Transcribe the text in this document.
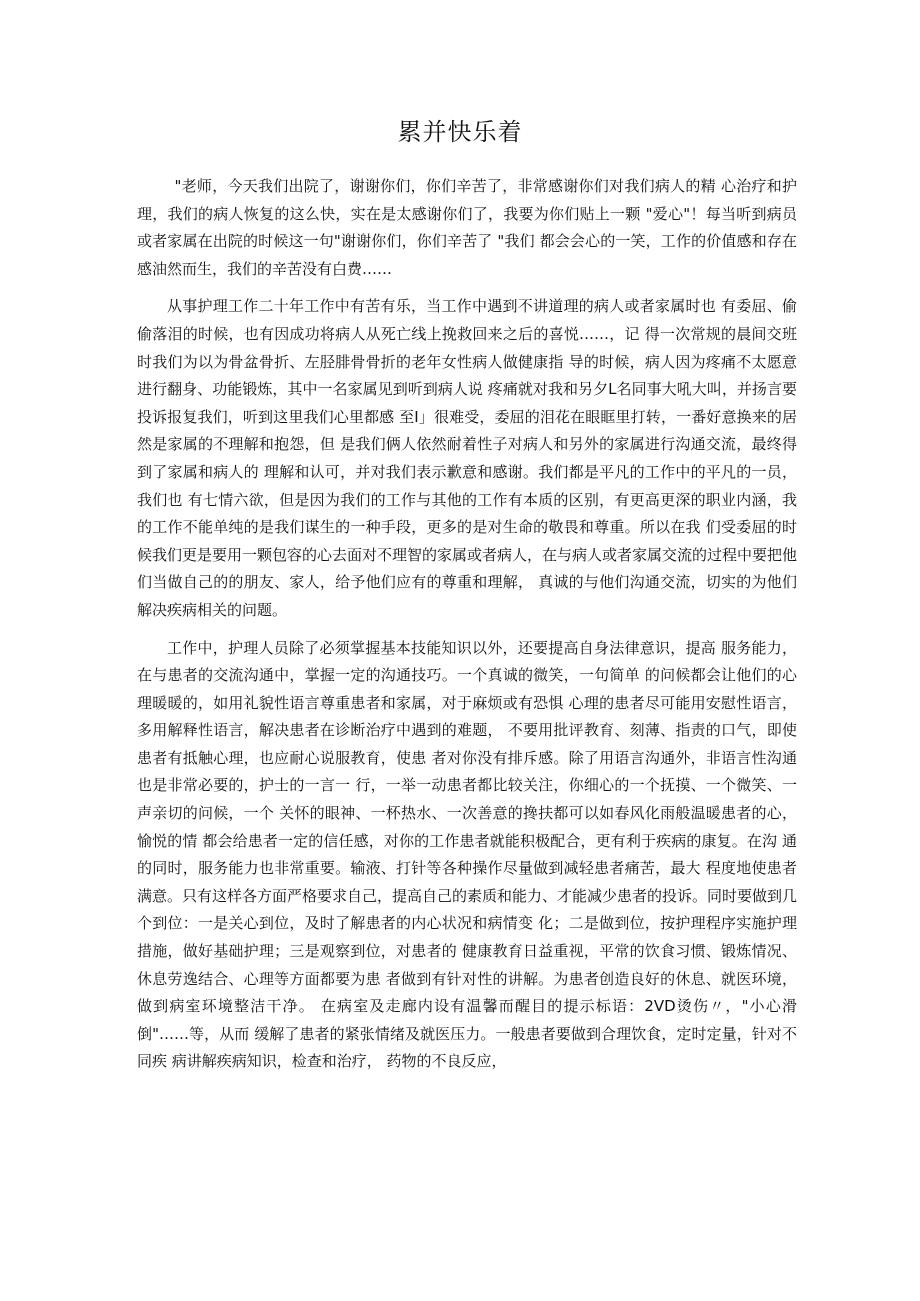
累并快乐着

"老师，今天我们出院了，谢谢你们，你们辛苦了，非常感谢你们对我们病人的精 心治疗和护理，我们的病人恢复的这么快，实在是太感谢你们了，我要为你们贴上一颗 "爱心"！每当听到病员或者家属在出院的时候这一句"谢谢你们，你们辛苦了 "我们 都会会心的一笑，工作的价值感和存在感油然而生，我们的辛苦没有白费……

从事护理工作二十年工作中有苦有乐，当工作中遇到不讲道理的病人或者家属时也 有委屈、偷偷落泪的时候，也有因成功将病人从死亡线上挽救回来之后的喜悦……，记 得一次常规的晨间交班时我们为以为骨盆骨折、左胫腓骨骨折的老年女性病人做健康指 导的时候，病人因为疼痛不太愿意进行翻身、功能锻炼，其中一名家属见到听到病人说 疼痛就对我和另夕L名同事大吼大叫，并扬言要投诉报复我们，听到这里我们心里都感 至I」很难受，委屈的泪花在眼眶里打转，一番好意换来的居然是家属的不理解和抱怨，但 是我们俩人依然耐着性子对病人和另外的家属进行沟通交流，最终得到了家属和病人的 理解和认可，并对我们表示歉意和感谢。我们都是平凡的工作中的平凡的一员，我们也 有七情六欲，但是因为我们的工作与其他的工作有本质的区别，有更高更深的职业内涵，我的工作不能单纯的是我们谋生的一种手段，更多的是对生命的敬畏和尊重。所以在我 们受委屈的时候我们更是要用一颗包容的心去面对不理智的家属或者病人，在与病人或者家属交流的过程中要把他们当做自己的的朋友、家人，给予他们应有的尊重和理解， 真诚的与他们沟通交流，切实的为他们解决疾病相关的问题。

工作中，护理人员除了必须掌握基本技能知识以外，还要提高自身法律意识，提高 服务能力，在与患者的交流沟通中，掌握一定的沟通技巧。一个真诚的微笑，一句简单 的问候都会让他们的心理暖暖的，如用礼貌性语言尊重患者和家属，对于麻烦或有恐惧 心理的患者尽可能用安慰性语言，多用解释性语言，解决患者在诊断治疗中遇到的难题， 不要用批评教育、刻薄、指责的口气，即使患者有抵触心理，也应耐心说服教育，使患 者对你没有排斥感。除了用语言沟通外，非语言性沟通也是非常必要的，护士的一言一 行，一举一动患者都比较关注，你细心的一个抚摸、一个微笑、一声亲切的问候，一个 关怀的眼神、一杯热水、一次善意的搀扶都可以如春风化雨般温暖患者的心，愉悦的情 都会给患者一定的信任感，对你的工作患者就能积极配合，更有利于疾病的康复。在沟 通的同时，服务能力也非常重要。输液、打针等各种操作尽量做到减轻患者痛苦，最大 程度地使患者满意。只有这样各方面严格要求自己，提高自己的素质和能力、才能减少患者的投诉。同时要做到几个到位：一是关心到位，及时了解患者的内心状况和病情变 化；二是做到位，按护理程序实施护理措施，做好基础护理；三是观察到位，对患者的 健康教育日益重视，平常的饮食习惯、锻炼情况、休息劳逸结合、心理等方面都要为患 者做到有针对性的讲解。为患者创造良好的休息、就医环境，做到病室环境整洁干净。 在病室及走廊内设有温馨而醒目的提示标语：2VD烫伤〃，"小心滑倒"……等，从而 缓解了患者的紧张情绪及就医压力。一般患者要做到合理饮食，定时定量，针对不同疾 病讲解疾病知识，检查和治疗， 药物的不良反应，
